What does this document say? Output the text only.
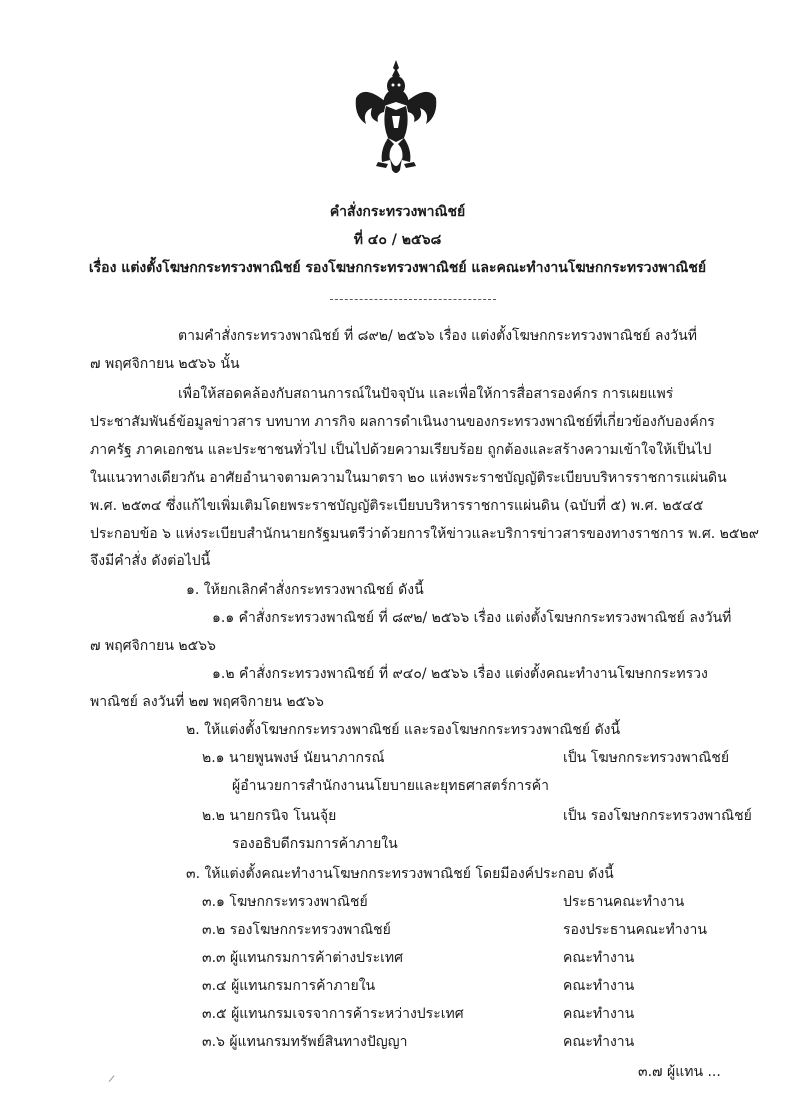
คำสั่งกระทรวงพาณิชย์
ที่ ๔๐ / ๒๕๖๘
เรื่อง แต่งตั้งโฆษกกระทรวงพาณิชย์ รองโฆษกกระทรวงพาณิชย์ และคณะทำงานโฆษกกระทรวงพาณิชย์
ตามคำสั่งกระทรวงพาณิชย์ ที่ ๘๙๒/ ๒๕๖๖ เรื่อง แต่งตั้งโฆษกกระทรวงพาณิชย์ ลงวันที่
๗ พฤศจิกายน ๒๕๖๖ นั้น
เพื่อให้สอดคล้องกับสถานการณ์ในปัจจุบัน และเพื่อให้การสื่อสารองค์กร การเผยแพร่
ประชาสัมพันธ์ข้อมูลข่าวสาร บทบาท ภารกิจ ผลการดำเนินงานของกระทรวงพาณิชย์ที่เกี่ยวข้องกับองค์กร
ภาครัฐ ภาคเอกชน และประชาชนทั่วไป เป็นไปด้วยความเรียบร้อย ถูกต้องและสร้างความเข้าใจให้เป็นไป
ในแนวทางเดียวกัน อาศัยอำนาจตามความในมาตรา ๒๐ แห่งพระราชบัญญัติระเบียบบริหารราชการแผ่นดิน
พ.ศ. ๒๕๓๔ ซึ่งแก้ไขเพิ่มเติมโดยพระราชบัญญัติระเบียบบริหารราชการแผ่นดิน (ฉบับที่ ๕) พ.ศ. ๒๕๔๕
ประกอบข้อ ๖ แห่งระเบียบสำนักนายกรัฐมนตรีว่าด้วยการให้ข่าวและบริการข่าวสารของทางราชการ พ.ศ. ๒๕๒๙
จึงมีคำสั่ง ดังต่อไปนี้
๑. ให้ยกเลิกคำสั่งกระทรวงพาณิชย์ ดังนี้
๑.๑ คำสั่งกระทรวงพาณิชย์ ที่ ๘๙๒/ ๒๕๖๖ เรื่อง แต่งตั้งโฆษกกระทรวงพาณิชย์ ลงวันที่
๗ พฤศจิกายน ๒๕๖๖
๑.๒ คำสั่งกระทรวงพาณิชย์ ที่ ๙๔๐/ ๒๕๖๖ เรื่อง แต่งตั้งคณะทำงานโฆษกกระทรวง
พาณิชย์ ลงวันที่ ๒๗ พฤศจิกายน ๒๕๖๖
๒. ให้แต่งตั้งโฆษกกระทรวงพาณิชย์ และรองโฆษกกระทรวงพาณิชย์ ดังนี้
๒.๑ นายพูนพงษ์ นัยนาภากรณ์	เป็น โฆษกกระทรวงพาณิชย์
ผู้อำนวยการสำนักงานนโยบายและยุทธศาสตร์การค้า
๒.๒ นายกรนิจ โนนจุ้ย	เป็น รองโฆษกกระทรวงพาณิชย์
รองอธิบดีกรมการค้าภายใน
๓. ให้แต่งตั้งคณะทำงานโฆษกกระทรวงพาณิชย์ โดยมีองค์ประกอบ ดังนี้
๓.๑ โฆษกกระทรวงพาณิชย์	ประธานคณะทำงาน
๓.๒ รองโฆษกกระทรวงพาณิชย์	รองประธานคณะทำงาน
๓.๓ ผู้แทนกรมการค้าต่างประเทศ	คณะทำงาน
๓.๔ ผู้แทนกรมการค้าภายใน	คณะทำงาน
๓.๕ ผู้แทนกรมเจรจาการค้าระหว่างประเทศ	คณะทำงาน
๓.๖ ผู้แทนกรมทรัพย์สินทางปัญญา	คณะทำงาน
๓.๗ ผู้แทน ...
